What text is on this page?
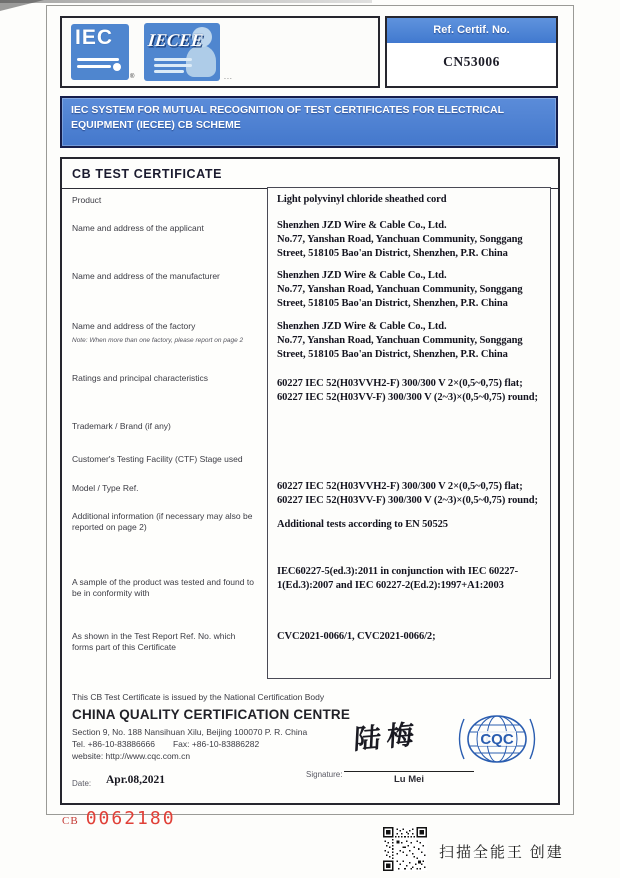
IEC
®
IECEE
...
Ref. Certif. No.
CN53006
IEC SYSTEM FOR MUTUAL RECOGNITION OF TEST CERTIFICATES FOR ELECTRICAL EQUIPMENT (IECEE) CB SCHEME
CB TEST CERTIFICATE
Product
Name and address of the applicant
Name and address of the manufacturer
Name and address of the factory
Note: When more than one factory, please report on page 2
Ratings and principal characteristics
Trademark / Brand (if any)
Customer's Testing Facility (CTF) Stage used
Model / Type Ref.
Additional information (if necessary may also be reported on page 2)
A sample of the product was tested and found to be in conformity with
As shown in the Test Report Ref. No. which forms part of this Certificate
Light polyvinyl chloride sheathed cord
Shenzhen JZD Wire & Cable Co., Ltd.
No.77, Yanshan Road, Yanchuan Community, Songgang Street, 518105 Bao'an District, Shenzhen, P.R. China
Shenzhen JZD Wire & Cable Co., Ltd.
No.77, Yanshan Road, Yanchuan Community, Songgang Street, 518105 Bao'an District, Shenzhen, P.R. China
Shenzhen JZD Wire & Cable Co., Ltd.
No.77, Yanshan Road, Yanchuan Community, Songgang Street, 518105 Bao'an District, Shenzhen, P.R. China
60227 IEC 52(H03VVH2-F) 300/300 V 2×(0,5~0,75) flat;
60227 IEC 52(H03VV-F) 300/300 V (2~3)×(0,5~0,75) round;
60227 IEC 52(H03VVH2-F) 300/300 V 2×(0,5~0,75) flat;
60227 IEC 52(H03VV-F) 300/300 V (2~3)×(0,5~0,75) round;
Additional tests according to EN 50525
IEC60227-5(ed.3):2011 in conjunction with IEC 60227-1(Ed.3):2007 and IEC 60227-2(Ed.2):1997+A1:2003
CVC2021-0066/1, CVC2021-0066/2;
This CB Test Certificate is issued by the National Certification Body
CHINA QUALITY CERTIFICATION CENTRE
Section 9, No. 188 Nansihuan Xilu, Beijing 100070 P. R. China
Tel. +86-10-83886666 Fax: +86-10-83886282
website: http://www.cqc.com.cn
CQC
陆梅
Lu Mei
Signature:
Date: Apr.08,2021
CB 0062180
扫描全能王 创建
